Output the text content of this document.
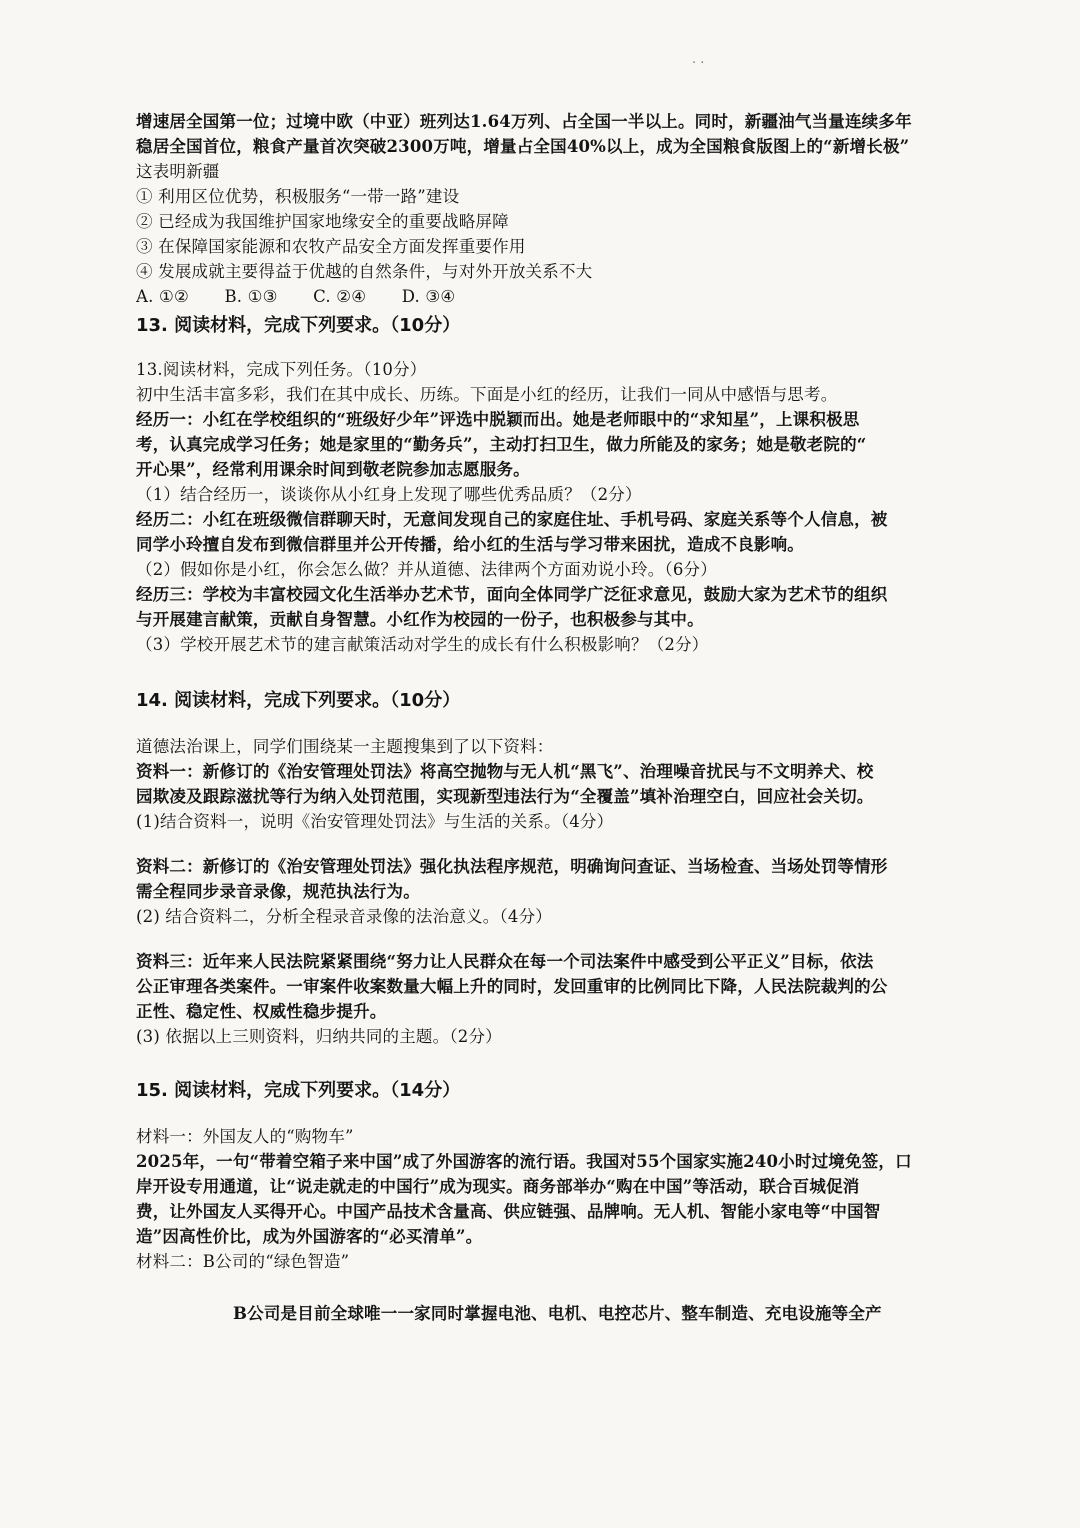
· ·
增速居全国第一位；过境中欧（中亚）班列达1.64万列、占全国一半以上。同时，新疆油气当量连续多年
稳居全国首位，粮食产量首次突破2300万吨，增量占全国40%以上，成为全国粮食版图上的“新增长极”
这表明新疆
① 利用区位优势，积极服务“一带一路”建设
② 已经成为我国维护国家地缘安全的重要战略屏障
③ 在保障国家能源和农牧产品安全方面发挥重要作用
④ 发展成就主要得益于优越的自然条件，与对外开放关系不大
A. ①② B. ①③ C. ②④ D. ③④
13. 阅读材料，完成下列要求。（10分）
13.阅读材料，完成下列任务。（10分）
初中生活丰富多彩，我们在其中成长、历练。下面是小红的经历，让我们一同从中感悟与思考。
经历一：小红在学校组织的“班级好少年”评选中脱颖而出。她是老师眼中的“求知星”，上课积极思
考，认真完成学习任务；她是家里的“勤务兵”，主动打扫卫生，做力所能及的家务；她是敬老院的“
开心果”，经常利用课余时间到敬老院参加志愿服务。
（1）结合经历一，谈谈你从小红身上发现了哪些优秀品质？（2分）
经历二：小红在班级微信群聊天时，无意间发现自己的家庭住址、手机号码、家庭关系等个人信息，被
同学小玲擅自发布到微信群里并公开传播，给小红的生活与学习带来困扰，造成不良影响。
（2）假如你是小红，你会怎么做？并从道德、法律两个方面劝说小玲。（6分）
经历三：学校为丰富校园文化生活举办艺术节，面向全体同学广泛征求意见，鼓励大家为艺术节的组织
与开展建言献策，贡献自身智慧。小红作为校园的一份子，也积极参与其中。
（3）学校开展艺术节的建言献策活动对学生的成长有什么积极影响？（2分）
14. 阅读材料，完成下列要求。（10分）
道德法治课上，同学们围绕某一主题搜集到了以下资料：
资料一：新修订的《治安管理处罚法》将高空抛物与无人机“黑飞”、治理噪音扰民与不文明养犬、校
园欺凌及跟踪滋扰等行为纳入处罚范围，实现新型违法行为“全覆盖”填补治理空白，回应社会关切。
(1)结合资料一，说明《治安管理处罚法》与生活的关系。（4分）
资料二：新修订的《治安管理处罚法》强化执法程序规范，明确询问查证、当场检查、当场处罚等情形
需全程同步录音录像，规范执法行为。
(2) 结合资料二，分析全程录音录像的法治意义。（4分）
资料三：近年来人民法院紧紧围绕“努力让人民群众在每一个司法案件中感受到公平正义”目标，依法
公正审理各类案件。一审案件收案数量大幅上升的同时，发回重审的比例同比下降，人民法院裁判的公
正性、稳定性、权威性稳步提升。
(3) 依据以上三则资料，归纳共同的主题。（2分）
15. 阅读材料，完成下列要求。（14分）
材料一：外国友人的“购物车”
2025年，一句“带着空箱子来中国”成了外国游客的流行语。我国对55个国家实施240小时过境免签，口
岸开设专用通道，让“说走就走的中国行”成为现实。商务部举办“购在中国”等活动，联合百城促消
费，让外国友人买得开心。中国产品技术含量高、供应链强、品牌响。无人机、智能小家电等“中国智
造”因高性价比，成为外国游客的“必买清单”。
材料二：B公司的“绿色智造”
B公司是目前全球唯一一家同时掌握电池、电机、电控芯片、整车制造、充电设施等全产
